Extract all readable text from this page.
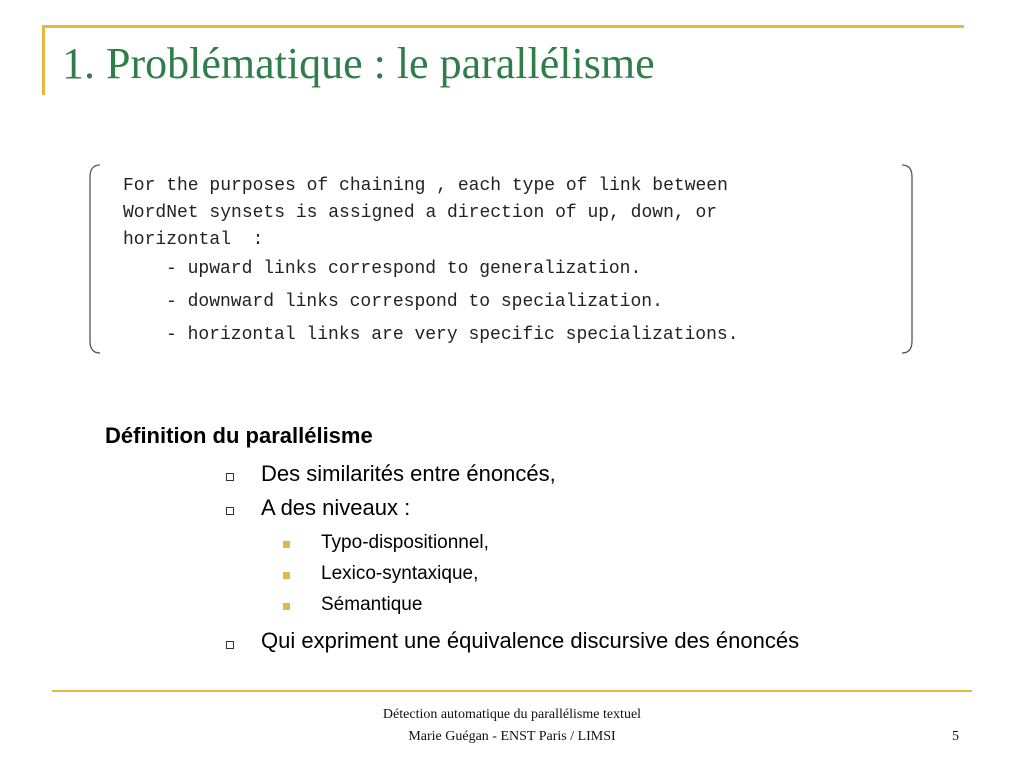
1. Problématique : le parallélisme
For the purposes of chaining , each type of link between
WordNet synsets is assigned a direction of up, down, or
horizontal  :
- upward links correspond to generalization.
- downward links correspond to specialization.
- horizontal links are very specific specializations.
Définition du parallélisme
Des similarités entre énoncés,
A des niveaux :
Typo-dispositionnel,
Lexico-syntaxique,
Sémantique
Qui expriment une équivalence discursive des énoncés
Détection automatique du parallélisme textuel
Marie Guégan - ENST Paris / LIMSI	5
